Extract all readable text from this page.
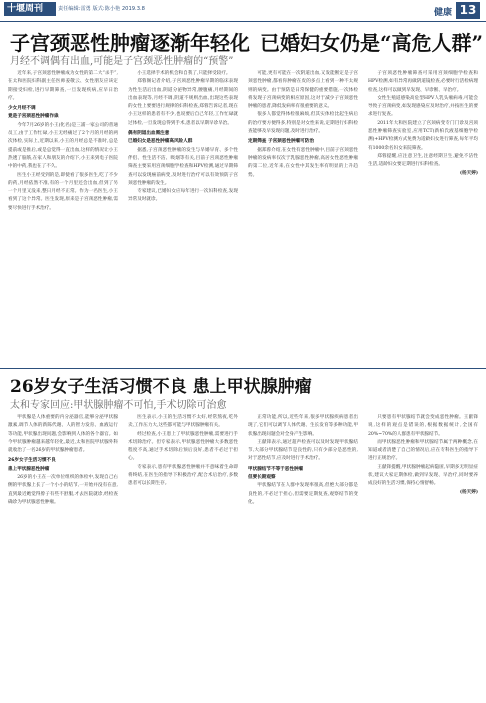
十堰周刊	责任编辑:雷勇 版式:陈小艳 2019.3.8	健康 13
子宫颈恶性肿瘤逐渐年轻化 已婚妇女仍是“高危人群”
月经不调偶有出血,可能是子宫颈恶性肿瘤的“预警”

近年来,子宫颈恶性肿瘤成为女性的第二大“杀手”,在太和医院妇科副主任医师姜敬云、女性朋友应该定期接受妇检,进行早期筛查,一旦发现疾病,应早日治疗。

少女月经不调

竟是子宫颈恶性肿瘤作祟

今年7月26岁的小王(化名)是三浦一家公司的普通员工,由于工作忙碌,小王无经痛过了2个月的月经的两次体检,实际上,近期以来,小王的月经总是不准时,总是提前或是推后,或是总觉得一直出血,这样的情况让小王热透了脑筋,在家人和朋友的介绍下,小王来到电子医院中的中药,我也在了不久。

医生小王经受到的是,即使看了很多医生,吃了不少的药,月经依然不准,有的一个月里还会出血,但到了另一个月里又没来,整日月经不正常。作为一名医生,小王看到了这个异常。医生发现,原来是子宫颈恶性肿瘤,需要尽快进行手术治疗。

小王选择手术的机会和自我了,只能择受较疗。

郑蓉阁记者介绍,子宫颈恶性肿瘤早期的临床表现为性生活后出血,阴道分泌物异常,腰腹痛,月经期间的出血表现等,月经不调,阴道不规则出血,出现这些表现的女性上要要进行规律的妇科检查,郑蓉告诉记者,现在小王这样的患者有不少,也说要后自己年轻,工作忙碌就过体检,一旦发现总得到手术,患者以早期早诊早治。

偶有阴道出血需注意

已婚妇女是恶性肿瘤高风险人群

据悉,子宫颈恶性肿瘤的发生与早婚早育、多个性伴侣、性生活不洁、吸烟等有关,目前子宫颈恶性肿瘤筛查主要采用宫颈细胞学检查和HPV检测,通过早期筛查可以发现癌前病变,及时进行治疗可以有效预防子宫颈恶性肿瘤的发生。

专家建议,已婚妇女应每年进行一次妇科检查,发现异常及时就诊。

可能,更有可能在一次阴道出血,又发能断定是子宫颈恶性肿瘤,都看你肿瘤在皮的多点上看到一种不太规则的病变。由于预防是日常保健的重要措施,一次体检将发现子宫颈病变的相应原因,这对于减少子宫颈恶性肿瘤的患者,降低发病率有很重要的意义。

很多人都觉得体检很麻烦,但其实体检比起生病后的治疗要方便得多,特别是对女性来说,定期进行妇科检查能够及早发现问题,及时进行治疗。

定期筛查 子宫颈恶性肿瘤可防治

据郑蓉介绍,在女性有恶性肿瘤中,目前子宫颈恶性肿瘤的发病率仅次于乳腺恶性肿瘤,高居女性恶性肿瘤的第二位,近年来,在女性中其发生率有明显的上升趋势。

子宫颈恶性肿瘤筛查可采用宫颈细胞学检查和HPV检测,如有异常再做阴道镜检查,必要时行活检病理检查,这样可以做到早发现、早诊断、早治疗。

女性生殖道感染高危型HPV人乳头瘤病毒,可能会导致子宫颈病变,如发现感染应及时治疗,并按医生的要求进行复查。

2011年大和医院建立了宫颈病变专门门诊及宫颈恶性肿瘤筛查实验室,应用TCT(新柏氏液基细胞学检测)+HPV检测方式免费为适龄妇女进行筛查,每年平均有1000余名妇女来院筛查。

郑蓉提醒,应注意卫生,注意经期卫生,避免不洁性生活,适龄妇女要定期进行妇科检查。

(杨天婷)

26岁女子生活习惯不良 患上甲状腺肿瘤
太和专家回应:甲状腺肿瘤不可怕,手术切除可治愈

甲状腺是人体重要的内分泌器官,能够分泌甲状腺激素,调节人体的新陈代谢、人的智力发育、血液运行等功能,甲状腺出现问题,会影响到人体的各个器官。如今甲状腺肿瘤越来越年轻化,最近,太和医院甲状腺外科就收治了一名26岁的甲状腺肿瘤患者。

26岁女子生活习惯不良

患上甲状腺恶性肿瘤

26岁的小王在一次单位组织的体检中,发现自己右侧的甲状腺上长了一个小小的结节,一开始并没有在意,直到最近她觉得脖子有些不舒服,才去医院就诊,经检查确诊为甲状腺恶性肿瘤。

医生表示,小王的生活习惯不太好,经常熬夜,吃外卖,工作压力大,这些都可能与甲状腺肿瘤有关。

经过检查,小王患上了甲状腺恶性肿瘤,需要进行手术切除治疗。但专家表示,甲状腺恶性肿瘤大多数恶性程度不高,通过手术切除后预后良好,患者不必过于担心。

专家表示,患有甲状腺恶性肿瘤并不意味着生命即将终结,在医生的指导下积极治疗,配合术后治疗,多数患者可以长期生存。

正常功能,所以,近些年来,很多甲状腺疾病患者出现了,它们可以调节人体代谢、生长发育等多种功能,甲状腺出现问题会对全身产生影响。

王献锋表示,通过超声检查可以及时发现甲状腺结节,大部分甲状腺结节是良性的,只有少部分是恶性的,对于恶性结节,应及时进行手术治疗。

甲状腺结节不等于恶性肿瘤

但要长期观察

甲状腺结节在人群中发现率很高,但绝大部分都是良性的,不必过于担心,但需要定期复查,观察结节的变化。

只要患有甲状腺结节就会变成恶性肿瘤。王献锋说,这样的观点是错误的,根据数据统计,全国有20%~70%的人群患有甲状腺结节。

而甲状腺恶性肿瘤和甲状腺结节属于两种概念,在知道或者清楚了自己的情况后,应在专科医生的指导下进行正规治疗。

王献锋提醒,甲状腺肿瘤起病隐匿,早期多无明显症状,建议大家定期体检,做到早发现、早治疗,同时要养成良好的生活习惯,保持心情舒畅。

(杨天婷)
